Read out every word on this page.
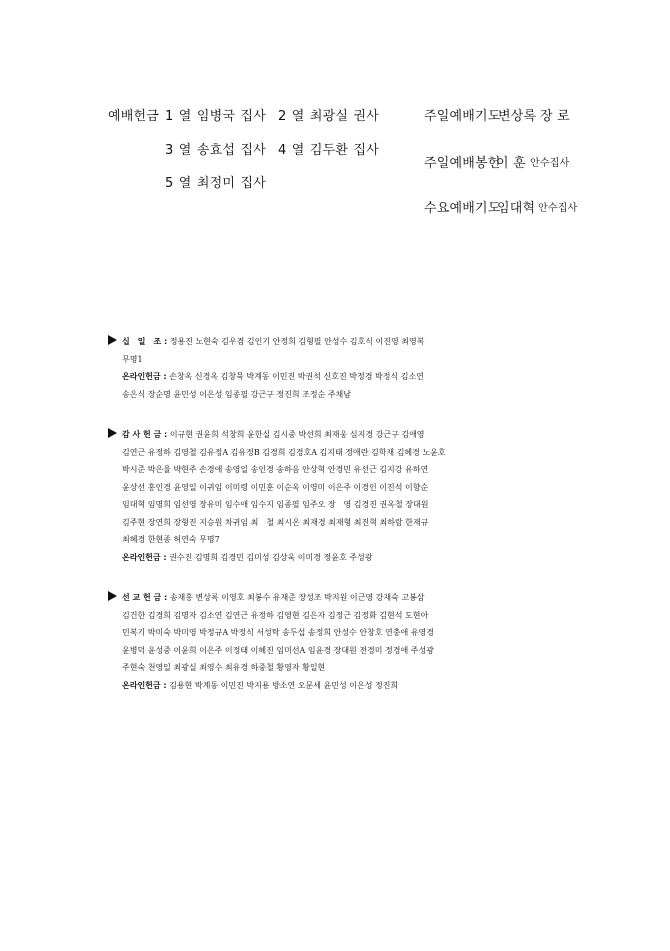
예배헌금 1 열 임병국 집사 2 열 최광실 권사
3 열 송효섭 집사 4 열 김두환 집사
5 열 최정미 집사
주일예배기도
변상록 장 로
주일예배봉헌
이 훈 안수집사
수요예배기도
임대혁 안수집사
십　일　조 : 정용진 노현숙 김우겸 김인기 안정희 김형필 안성수 김호식 이진영 최영복
무명1
온라인헌금 : 손창옥 신경옥 김창묵 박계동 이민진 박권석 신호진 박정경 박정식 김소연
송은식 장순명 윤민성 이은성 임종필 강근구 정진희 조정순 주채남
감 사 헌 금 : 이규현 권윤희 석창희 윤한실 김시중 박선희 최재웅 심지경 강근구 김애영
김연근 유정하 김영철 김유정A 김유정B 김경희 김경호A 김지태 정애란 김학재 김혜경 노윤호
박시준 박은율 박현주 손경애 송영일 송인경 송하음 안상혁 안경민 유선근 김지강 유하연
윤상선 홍인경 윤영일 이귀임 이미령 이민훈 이순옥 이영미 이은주 이경인 이진석 이향순
임대혁 임명희 임선영 장유미 임수애 임수지 임종필 임주오 장　영 김경진 권옥철 장대원
김주현 장연희 장형진 지승원 차귀임 최　철 최시온 최재경 최재형 최진혁 최하람 한재규
최혜경 한현종 허연숙 무명7
온라인헌금 : 권수진 김명희 김경민 김미성 김상욱 이미경 정윤호 주성광
선 교 헌 금 : 송재홍 변상록 이영호 최봉수 유재준 장성조 박지원 이근영 강재숙 고봉삼
김건한 김경희 김명자 김소연 김연근 유정하 김영현 김은자 김정근 김정화 김현석 도현아
민복기 박미숙 박미영 박정규A 박정식 서성탁 송두섭 송정희 안성수 안창호 연충애 유영경
윤병덕 윤성중 이윤희 이은주 이정태 이혜진 임미선A 임윤경 장대원 전경미 정경애 주성광
주현숙 천영일 최광실 최영수 최유경 하중철 황영자 황일현
온라인헌금 : 김용현 박계동 이민진 박지용 방소연 오문세 윤민성 이은성 정진희
